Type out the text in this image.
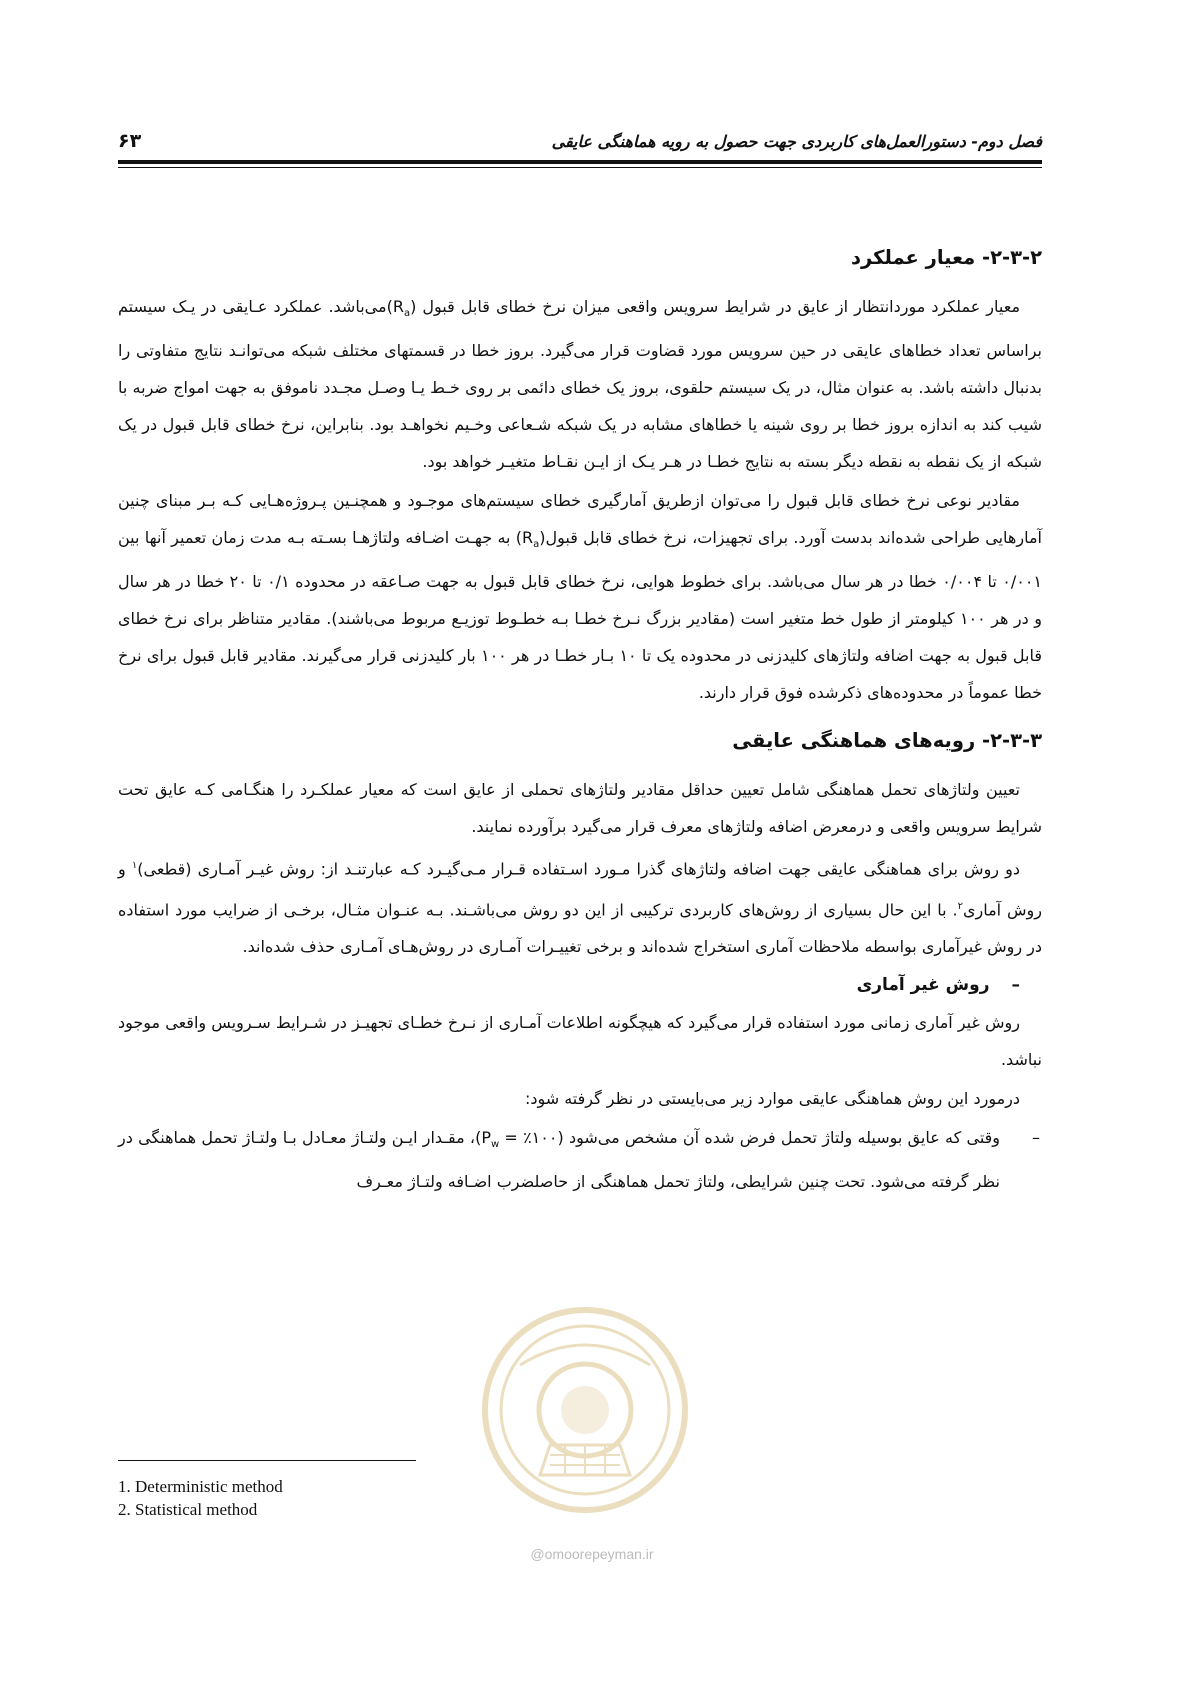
۶۳	فصل دوم- دستورالعمل‌های کاربردی جهت حصول به رویه هماهنگی عایقی
۲-۳-۲- معیار عملکرد

معیار عملکرد موردانتظار از عایق در شرایط سرویس واقعی میزان نرخ خطای قابل قبول $(R_a)می‌باشد$. عملکرد عـایقی در یـک سیستم براساس تعداد خطاهای عایقی در حین سرویس مورد قضاوت قرار می‌گیرد. بروز خطا در قسمتهای مختلف شبکه می‌توانـد نتایج متفاوتی را بدنبال داشته باشد. به عنوان مثال، در یک سیستم حلقوی، بروز یک خطای دائمی بر روی خـط یـا وصـل مجـدد ناموفق به جهت امواج ضربه با شیب کند به اندازه بروز خطا بر روی شینه یا خطاهای مشابه در یک شبکه شـعاعی وخـیم نخواهـد بود. بنابراین، نرخ خطای قابل قبول در یک شبکه از یک نقطه به نقطه دیگر بسته به نتایج خطـا در هـر یـک از ایـن نقـاط متغیـر خواهد بود.

مقادیر نوعی نرخ خطای قابل قبول را می‌توان ازطریق آمارگیری خطای سیستم‌های موجـود و همچنـین پـروژه‌هـایی کـه بـر مبنای چنین آمارهایی طراحی شده‌اند بدست آورد. برای تجهیزات، نرخ خطای قابل $قبول(R_a)$ به جهـت اضـافه ولتاژهـا بسـته بـه مدت زمان تعمیر آنها بین ۰/۰۰۱ تا ۰/۰۰۴ خطا در هر سال می‌باشد. برای خطوط هوایی، نرخ خطای قابل قبول به جهت صـاعقه در محدوده ۰/۱ تا ۲۰ خطا در هر سال و در هر ۱۰۰ کیلومتر از طول خط متغیر است (مقادیر بزرگ نـرخ خطـا بـه خطـوط توزیـع مربوط می‌باشند). مقادیر متناظر برای نرخ خطای قابل قبول به جهت اضافه ولتاژهای کلیدزنی در محدوده یک تا ۱۰ بـار خطـا در هر ۱۰۰ بار کلیدزنی قرار می‌گیرند. مقادیر قابل قبول برای نرخ خطا عموماً در محدوده‌های ذکرشده فوق قرار دارند.

۲-۳-۳- رویه‌های هماهنگی عایقی

تعیین ولتاژهای تحمل هماهنگی شامل تعیین حداقل مقادیر ولتاژهای تحملی از عایق است که معیار عملکـرد را هنگـامی کـه عایق تحت شرایط سرویس واقعی و درمعرض اضافه ولتاژهای معرف قرار می‌گیرد برآورده نمایند.

دو روش برای هماهنگی عایقی جهت اضافه ولتاژهای گذرا مـورد اسـتفاده قـرار مـی‌گیـرد کـه عبارتنـد از: روش غیـر آمـاری (قطعی)$^۱$ و روش آماری$^۲$. با این حال بسیاری از روش‌های کاربردی ترکیبی از این دو روش می‌باشـند. بـه عنـوان مثـال، برخـی از ضرایب مورد استفاده در روش غیرآماری بواسطه ملاحظات آماری استخراج شده‌اند و برخی تغییـرات آمـاری در روش‌هـای آمـاری حذف شده‌اند.

–روش غیر آماری

روش غیر آماری زمانی مورد استفاده قرار می‌گیرد که هیچگونه اطلاعات آمـاری از نـرخ خطـای تجهیـز در شـرایط سـرویس واقعی موجود نباشد.

درمورد این روش هماهنگی عایقی موارد زیر می‌بایستی در نظر گرفته شود:

–
وقتی که عایق بوسیله ولتاژ تحمل فرض شده آن مشخص می‌شود ($P_w$ = ٪۱۰۰)، مقـدار ایـن ولتـاژ معـادل بـا ولتـاژ تحمل هماهنگی در نظر گرفته می‌شود. تحت چنین شرایطی، ولتاژ تحمل هماهنگی از حاصلضرب اضـافه ولتـاژ معـرف
1. Deterministic method
2. Statistical method
@omoorepeyman.ir
